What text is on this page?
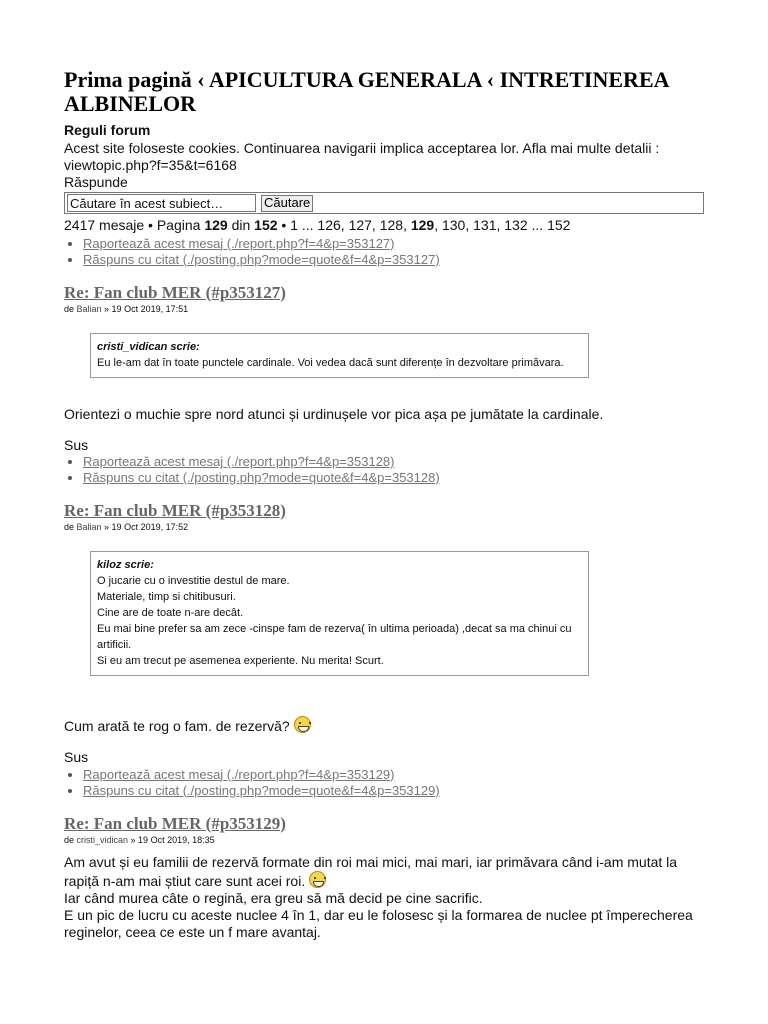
Prima pagină ‹ APICULTURA GENERALA ‹ INTRETINEREA ALBINELOR
Reguli forum
Acest site foloseste cookies. Continuarea navigarii implica acceptarea lor. Afla mai multe detalii : viewtopic.php?f=35&t=6168
Răspunde
Căutare în acest subiect…
Căutare
2417 mesaje • Pagina 129 din 152 • 1 ... 126, 127, 128, 129, 130, 131, 132 ... 152
• Raportează acest mesaj (./report.php?f=4&p=353127)
• Răspuns cu citat (./posting.php?mode=quote&f=4&p=353127)
Re: Fan club MER (#p353127)
de Balian » 19 Oct 2019, 17:51
cristi_vidican scrie:
Eu le-am dat în toate punctele cardinale. Voi vedea dacă sunt diferențe în dezvoltare primăvara.
Orientezi o muchie spre nord atunci și urdinușele vor pica așa pe jumătate la cardinale.
Sus
• Raportează acest mesaj (./report.php?f=4&p=353128)
• Răspuns cu citat (./posting.php?mode=quote&f=4&p=353128)
Re: Fan club MER (#p353128)
de Balian » 19 Oct 2019, 17:52
kiloz scrie:
O jucarie cu o investitie destul de mare.
Materiale, timp si chitibusuri.
Cine are de toate n-are decât.
Eu mai bine prefer sa am zece -cinspe fam de rezerva( în ultima perioada) ,decat sa ma chinui cu artificii.
Si eu am trecut pe asemenea experiente. Nu merita! Scurt.
Cum arată te rog o fam. de rezervă?
Sus
• Raportează acest mesaj (./report.php?f=4&p=353129)
• Răspuns cu citat (./posting.php?mode=quote&f=4&p=353129)
Re: Fan club MER (#p353129)
de cristi_vidican » 19 Oct 2019, 18:35
Am avut și eu familii de rezervă formate din roi mai mici, mai mari, iar primăvara când i-am mutat la rapiță n-am mai știut care sunt acei roi.
Iar când murea câte o regină, era greu să mă decid pe cine sacrific.
E un pic de lucru cu aceste nuclee 4 în 1, dar eu le folosesc și la formarea de nuclee pt împerecherea reginelor, ceea ce este un f mare avantaj.
